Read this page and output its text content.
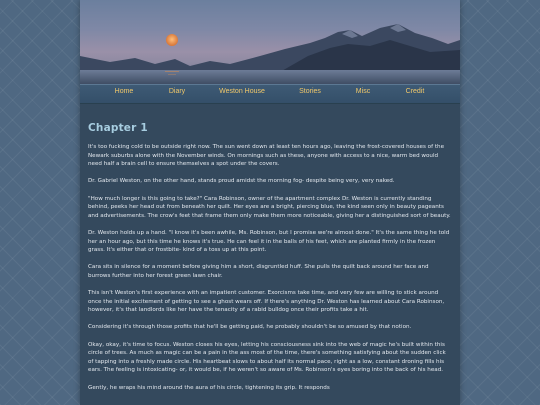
Home	Diary	Weston House	Stories	Misc	Credit
Chapter 1

It's too fucking cold to be outside right now. The sun went down at least ten hours ago, leaving the frost-covered houses of the Newark suburbs alone with the November winds. On mornings such as these, anyone with access to a nice, warm bed would need half a brain cell to ensure themselves a spot under the covers.

Dr. Gabriel Weston, on the other hand, stands proud amidst the morning fog- despite being very, very naked.

"How much longer is this going to take?" Cara Robinson, owner of the apartment complex Dr. Weston is currently standing behind, peeks her head out from beneath her quilt. Her eyes are a bright, piercing blue, the kind seen only in beauty pageants and advertisements. The crow's feet that frame them only make them more noticeable, giving her a distinguished sort of beauty.

Dr. Weston holds up a hand. "I know it's been awhile, Ms. Robinson, but I promise we're almost done." It's the same thing he told her an hour ago, but this time he knows it's true. He can feel it in the balls of his feet, which are planted firmly in the frozen grass. It's either that or frostbite- kind of a toss up at this point.

Cara sits in silence for a moment before giving him a short, disgruntled huff. She pulls the quilt back around her face and burrows further into her forest green lawn chair.

This isn't Weston's first experience with an impatient customer. Exorcisms take time, and very few are willing to stick around once the initial excitement of getting to see a ghost wears off. If there's anything Dr. Weston has learned about Cara Robinson, however, it's that landlords like her have the tenacity of a rabid bulldog once their profits take a hit.

Considering it's through those profits that he'll be getting paid, he probably shouldn't be so amused by that notion.

Okay, okay, it's time to focus. Weston closes his eyes, letting his consciousness sink into the web of magic he's built within this circle of trees. As much as magic can be a pain in the ass most of the time, there's something satisfying about the sudden click of tapping into a freshly made circle. His heartbeat slows to about half its normal pace, right as a low, constant droning fills his ears. The feeling is intoxicating- or, it would be, if he weren't so aware of Ms. Robinson's eyes boring into the back of his head.

Gently, he wraps his mind around the aura of his circle, tightening its grip. It responds
